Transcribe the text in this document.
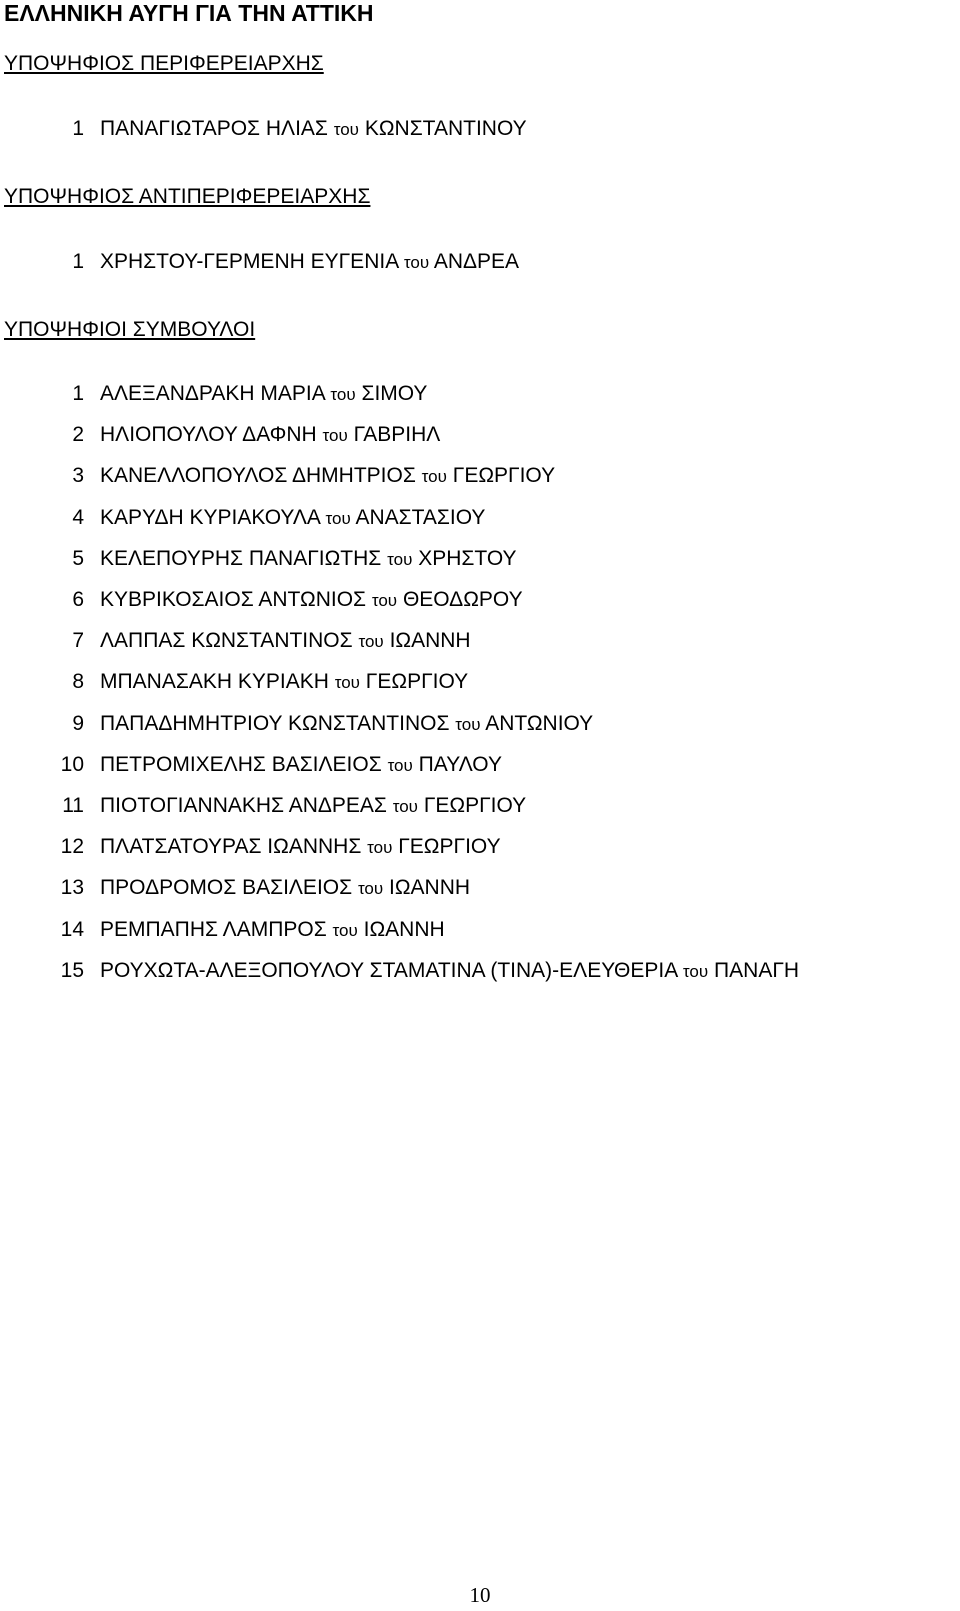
ΕΛΛΗΝΙΚΗ ΑΥΓΗ ΓΙΑ ΤΗΝ ΑΤΤΙΚΗ
ΥΠΟΨΗΦΙΟΣ ΠΕΡΙΦΕΡΕΙΑΡΧΗΣ
1 ΠΑΝΑΓΙΩΤΑΡΟΣ ΗΛΙΑΣ του ΚΩΝΣΤΑΝΤΙΝΟΥ
ΥΠΟΨΗΦΙΟΣ ΑΝΤΙΠΕΡΙΦΕΡΕΙΑΡΧΗΣ
1 ΧΡΗΣΤΟΥ-ΓΕΡΜΕΝΗ ΕΥΓΕΝΙΑ του ΑΝΔΡΕΑ
ΥΠΟΨΗΦΙΟΙ ΣΥΜΒΟΥΛΟΙ
1 ΑΛΕΞΑΝΔΡΑΚΗ ΜΑΡΙΑ του ΣΙΜΟΥ
2 ΗΛΙΟΠΟΥΛΟΥ ΔΑΦΝΗ του ΓΑΒΡΙΗΛ
3 ΚΑΝΕΛΛΟΠΟΥΛΟΣ ΔΗΜΗΤΡΙΟΣ του ΓΕΩΡΓΙΟΥ
4 ΚΑΡΥΔΗ ΚΥΡΙΑΚΟΥΛΑ του ΑΝΑΣΤΑΣΙΟΥ
5 ΚΕΛΕΠΟΥΡΗΣ ΠΑΝΑΓΙΩΤΗΣ του ΧΡΗΣΤΟΥ
6 ΚΥΒΡΙΚΟΣΑΙΟΣ ΑΝΤΩΝΙΟΣ του ΘΕΟΔΩΡΟΥ
7 ΛΑΠΠΑΣ ΚΩΝΣΤΑΝΤΙΝΟΣ του ΙΩΑΝΝΗ
8 ΜΠΑΝΑΣΑΚΗ ΚΥΡΙΑΚΗ του ΓΕΩΡΓΙΟΥ
9 ΠΑΠΑΔΗΜΗΤΡΙΟΥ ΚΩΝΣΤΑΝΤΙΝΟΣ του ΑΝΤΩΝΙΟΥ
10 ΠΕΤΡΟΜΙΧΕΛΗΣ ΒΑΣΙΛΕΙΟΣ του ΠΑΥΛΟΥ
11 ΠΙΟΤΟΓΙΑΝΝΑΚΗΣ ΑΝΔΡΕΑΣ του ΓΕΩΡΓΙΟΥ
12 ΠΛΑΤΣΑΤΟΥΡΑΣ ΙΩΑΝΝΗΣ του ΓΕΩΡΓΙΟΥ
13 ΠΡΟΔΡΟΜΟΣ ΒΑΣΙΛΕΙΟΣ του ΙΩΑΝΝΗ
14 ΡΕΜΠΑΠΗΣ ΛΑΜΠΡΟΣ του ΙΩΑΝΝΗ
15 ΡΟΥΧΩΤΑ-ΑΛΕΞΟΠΟΥΛΟΥ ΣΤΑΜΑΤΙΝΑ (ΤΙΝΑ)-ΕΛΕΥΘΕΡΙΑ του ΠΑΝΑΓΗ
10
